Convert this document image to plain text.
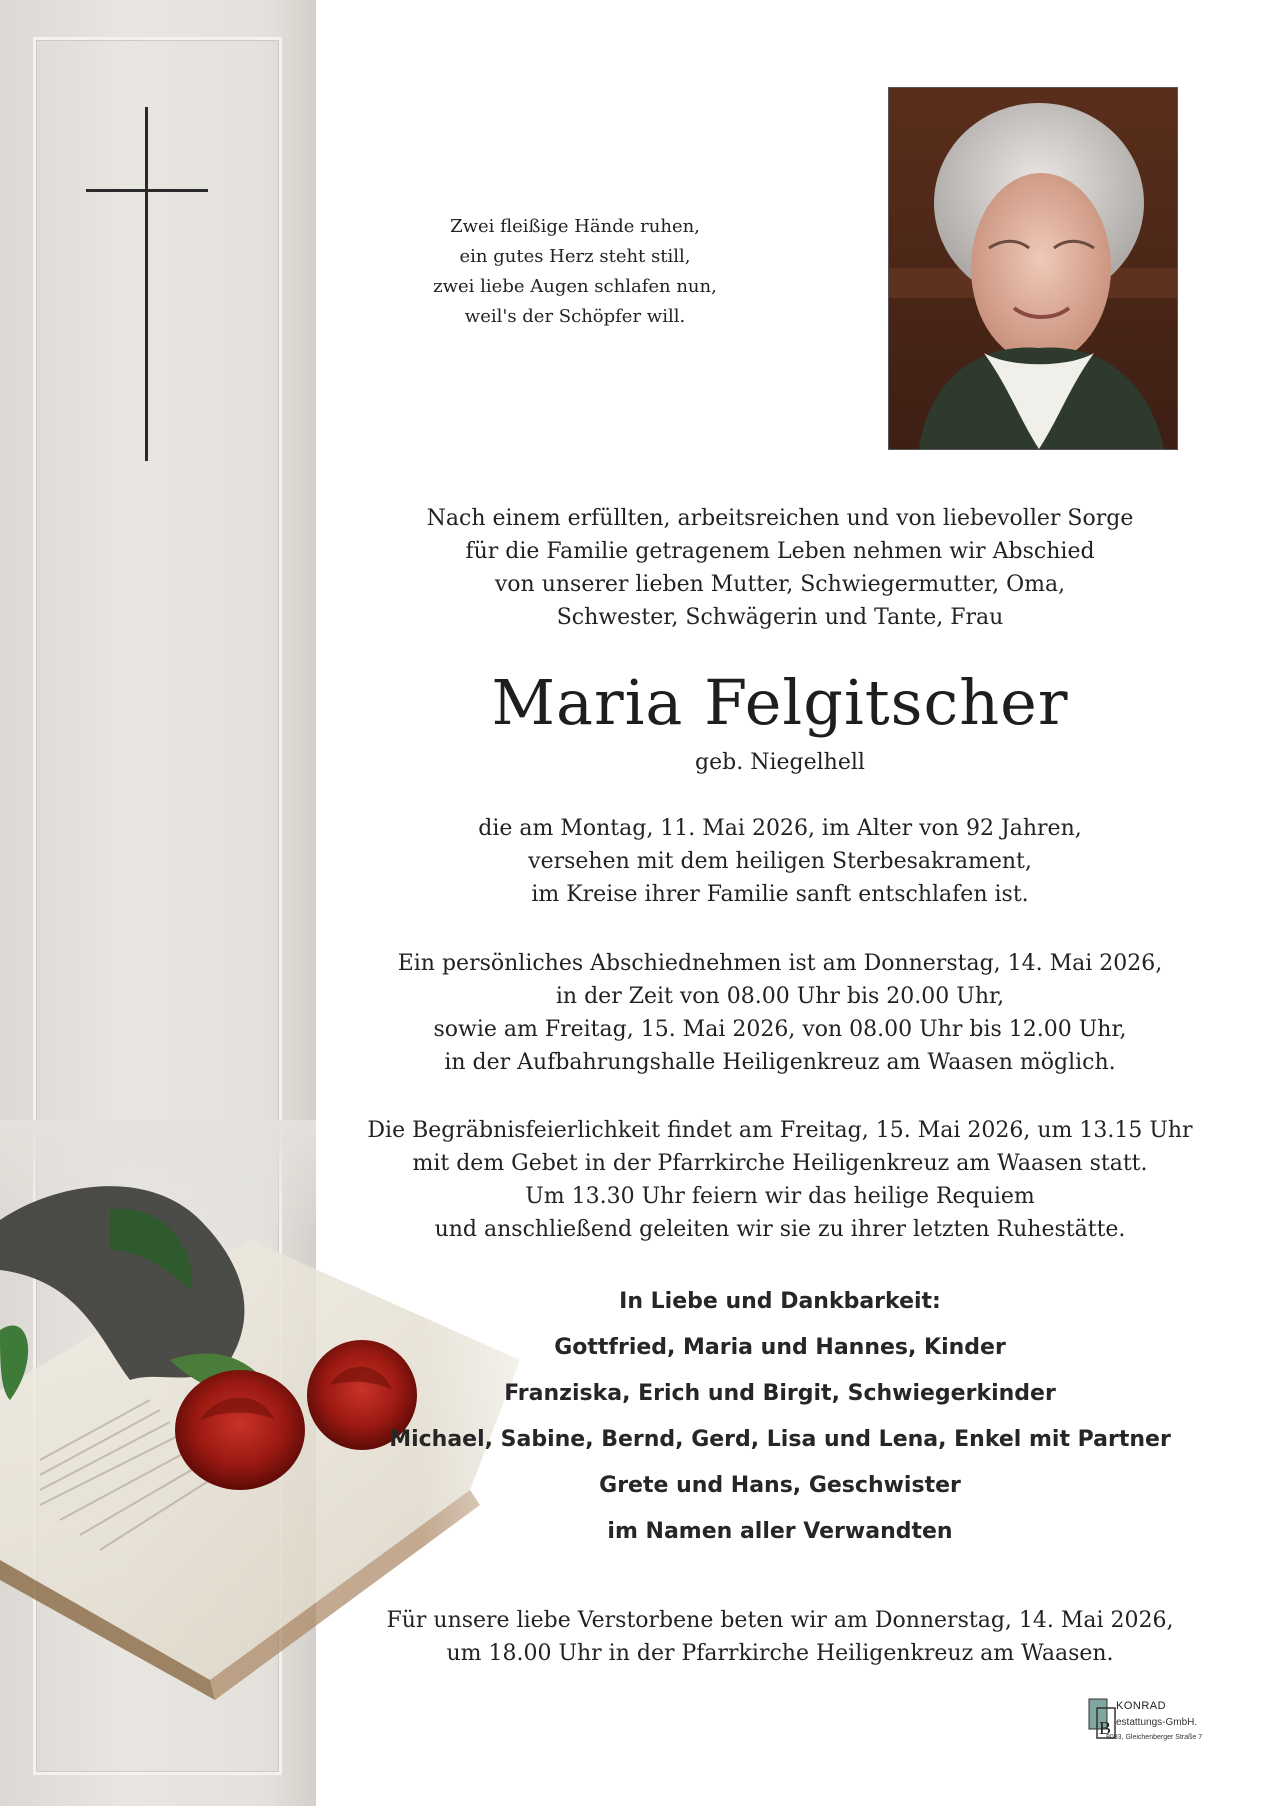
Zwei fleißige Hände ruhen,
ein gutes Herz steht still,
zwei liebe Augen schlafen nun,
weil's der Schöpfer will.
Nach einem erfüllten, arbeitsreichen und von liebevoller Sorge
für die Familie getragenem Leben nehmen wir Abschied
von unserer lieben Mutter, Schwiegermutter, Oma,
Schwester, Schwägerin und Tante, Frau
Maria Felgitscher
geb. Niegelhell
die am Montag, 11. Mai 2026, im Alter von 92 Jahren,
versehen mit dem heiligen Sterbesakrament,
im Kreise ihrer Familie sanft entschlafen ist.
Ein persönliches Abschiednehmen ist am Donnerstag, 14. Mai 2026,
in der Zeit von 08.00 Uhr bis 20.00 Uhr,
sowie am Freitag, 15. Mai 2026, von 08.00 Uhr bis 12.00 Uhr,
in der Aufbahrungshalle Heiligenkreuz am Waasen möglich.
Die Begräbnisfeierlichkeit findet am Freitag, 15. Mai 2026, um 13.15 Uhr
mit dem Gebet in der Pfarrkirche Heiligenkreuz am Waasen statt.
Um 13.30 Uhr feiern wir das heilige Requiem
und anschließend geleiten wir sie zu ihrer letzten Ruhestätte.
In Liebe und Dankbarkeit:
Gottfried, Maria und Hannes, Kinder
Franziska, Erich und Birgit, Schwiegerkinder
Michael, Sabine, Bernd, Gerd, Lisa und Lena, Enkel mit Partner
Grete und Hans, Geschwister
im Namen aller Verwandten
Für unsere liebe Verstorbene beten wir am Donnerstag, 14. Mai 2026,
um 18.00 Uhr in der Pfarrkirche Heiligenkreuz am Waasen.
B
KONRAD
estattungs-GmbH.
8083, Gleichenberger Straße 7
